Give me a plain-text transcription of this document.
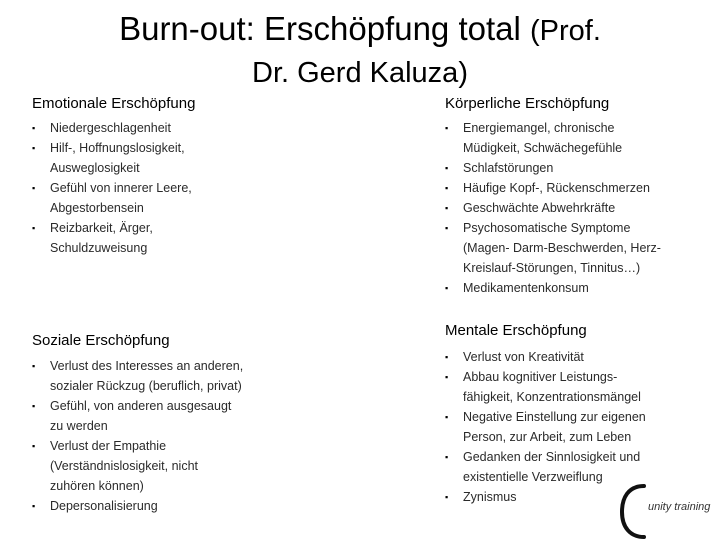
Burn-out: Erschöpfung total (Prof.
Dr. Gerd Kaluza)
Emotionale Erschöpfung
▪ Niedergeschlagenheit
▪ Hilf-, Hoffnungslosigkeit,
Ausweglosigkeit
▪ Gefühl von innerer Leere,
Abgestorbensein
▪ Reizbarkeit, Ärger,
Schuldzuweisung
Körperliche Erschöpfung
▪ Energiemangel, chronische
Müdigkeit, Schwächegefühle
▪ Schlafstörungen
▪ Häufige Kopf-, Rückenschmerzen
▪ Geschwächte Abwehrkräfte
▪ Psychosomatische Symptome
(Magen- Darm-Beschwerden, Herz-
Kreislauf-Störungen, Tinnitus…)
▪ Medikamentenkonsum
Soziale Erschöpfung
▪ Verlust des Interesses an anderen,
sozialer Rückzug (beruflich, privat)
▪ Gefühl, von anderen ausgesaugt
zu werden
▪ Verlust der Empathie
(Verständnislosigkeit, nicht
zuhören können)
▪ Depersonalisierung
Mentale Erschöpfung
▪ Verlust von Kreativität
▪ Abbau kognitiver Leistungs-
fähigkeit, Konzentrationsmängel
▪ Negative Einstellung zur eigenen
Person, zur Arbeit, zum Leben
▪ Gedanken der Sinnlosigkeit und
existentielle Verzweiflung
▪ Zynismus
unity training
